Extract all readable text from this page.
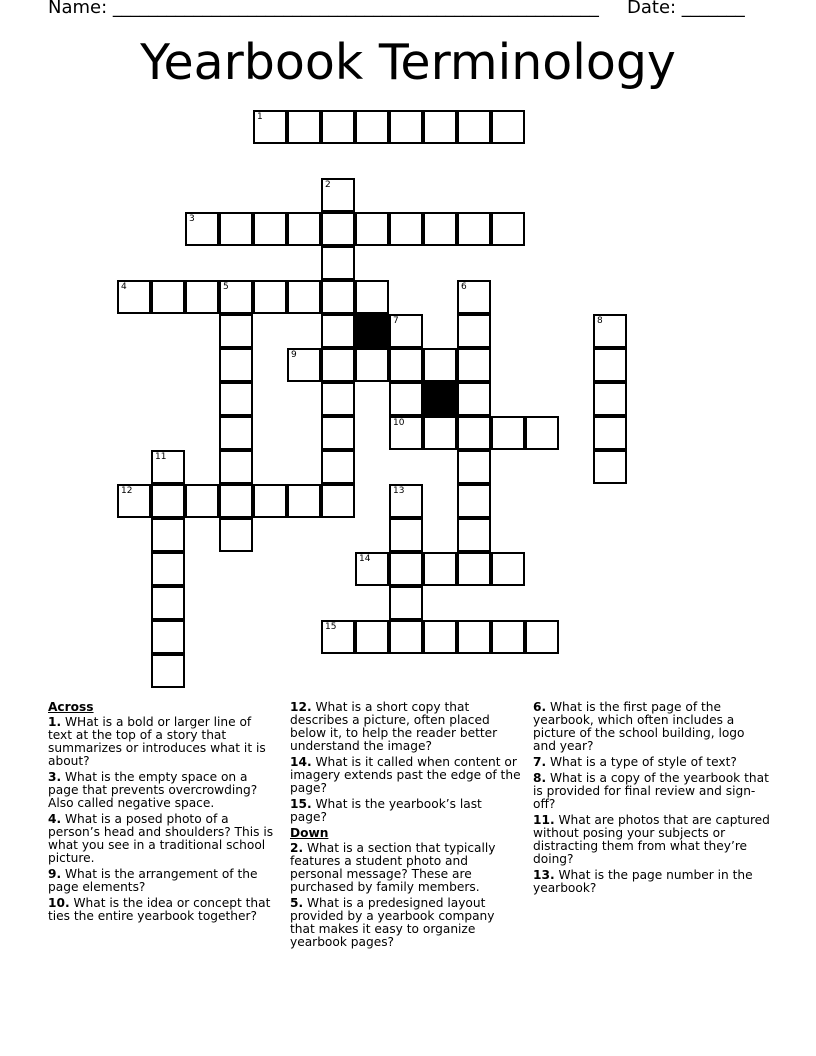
Name: ______________________________________________________ Date: _______
Yearbook Terminology
1
2
3
4	5	6
7	8
9
10
11
12	13
14
15
Across
1. WHat is a bold or larger line of text at the top of a story that summarizes or introduces what it is about?
3. What is the empty space on a page that prevents overcrowding? Also called negative space.
4. What is a posed photo of a person’s head and shoulders? This is what you see in a traditional school picture.
9. What is the arrangement of the page elements?
10. What is the idea or concept that ties the entire yearbook together?
12. What is a short copy that describes a picture, often placed below it, to help the reader better understand the image?
14. What is it called when content or imagery extends past the edge of the page?
15. What is the yearbook’s last page?
Down
2. What is a section that typically features a student photo and personal message? These are purchased by family members.
5. What is a predesigned layout provided by a yearbook company that makes it easy to organize yearbook pages?
6. What is the first page of the yearbook, which often includes a picture of the school building, logo and year?
7. What is a type of style of text?
8. What is a copy of the yearbook that is provided for final review and sign-off?
11. What are photos that are captured without posing your subjects or distracting them from what they’re doing?
13. What is the page number in the yearbook?
